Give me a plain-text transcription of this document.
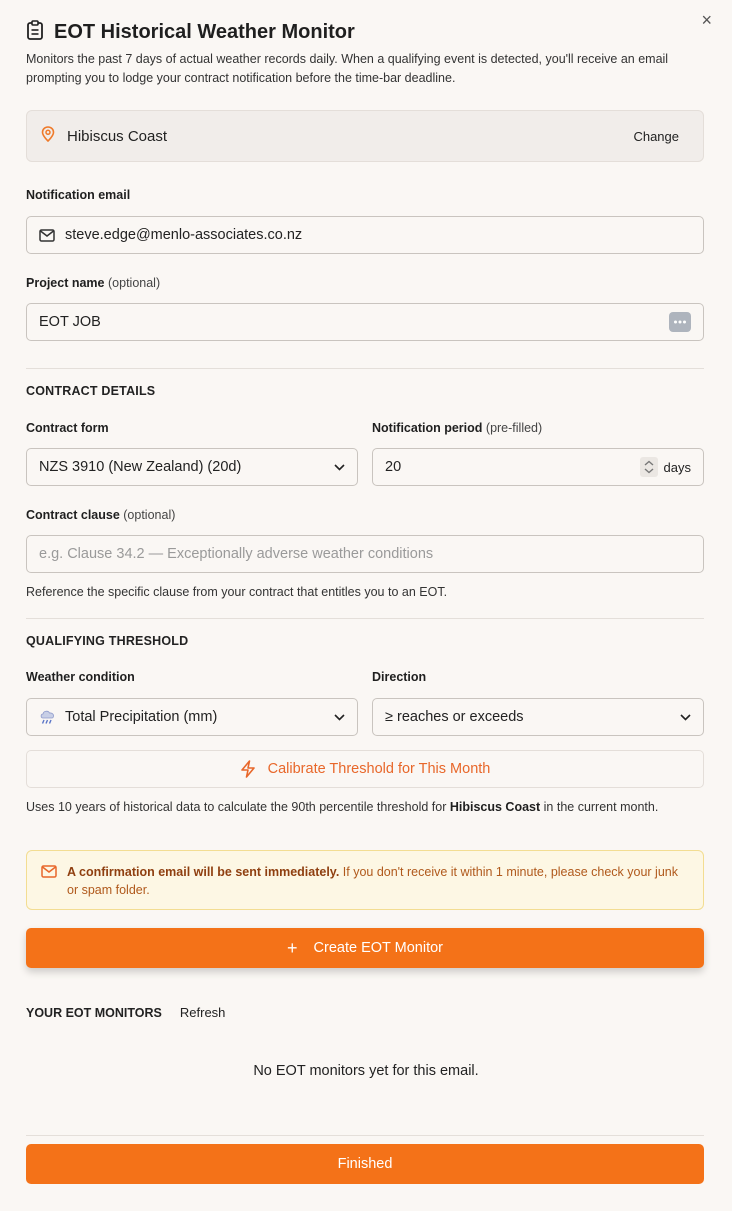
×
EOT Historical Weather Monitor
Monitors the past 7 days of actual weather records daily. When a qualifying event is detected, you'll receive an email prompting you to lodge your contract notification before the time-bar deadline.
Hibiscus Coast	Change
Notification email
steve.edge@menlo-associates.co.nz
Project name (optional)
EOT JOB
CONTRACT DETAILS
Contract form
NZS 3910 (New Zealand) (20d)
Notification period (pre-filled)
20
days
Contract clause (optional)
e.g. Clause 34.2 — Exceptionally adverse weather conditions
Reference the specific clause from your contract that entitles you to an EOT.
QUALIFYING THRESHOLD
Weather condition
Total Precipitation (mm)
Direction
≥ reaches or exceeds
Calibrate Threshold for This Month
Uses 10 years of historical data to calculate the 90th percentile threshold for Hibiscus Coast in the current month.
A confirmation email will be sent immediately. If you don't receive it within 1 minute, please check your junk or spam folder.
+ Create EOT Monitor
YOUR EOT MONITORS Refresh
No EOT monitors yet for this email.
Finished
